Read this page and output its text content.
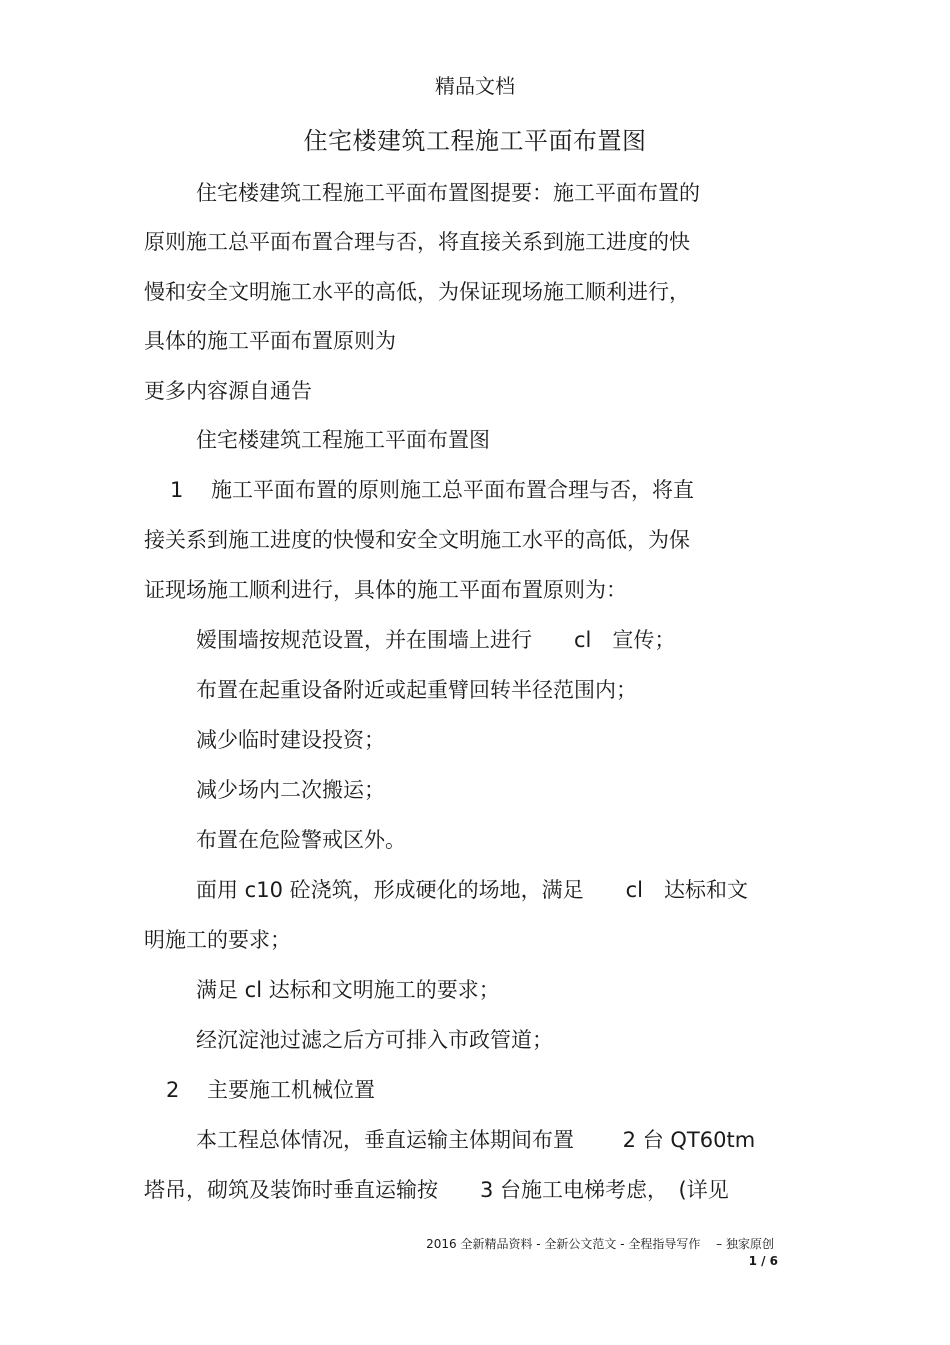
精品文档
住宅楼建筑工程施工平面布置图
住宅楼建筑工程施工平面布置图提要：施工平面布置的
原则施工总平面布置合理与否，将直接关系到施工进度的快
慢和安全文明施工水平的高低，为保证现场施工顺利进行，
具体的施工平面布置原则为
更多内容源自通告
住宅楼建筑工程施工平面布置图
1　 施工平面布置的原则施工总平面布置合理与否，将直
接关系到施工进度的快慢和安全文明施工水平的高低，为保
证现场施工顺利进行，具体的施工平面布置原则为：
嫒围墙按规范设置，并在围墙上进行　　cl　宣传；
布置在起重设备附近或起重臂回转半径范围内；
减少临时建设投资；
减少场内二次搬运；
布置在危险警戒区外。
面用 c10 砼浇筑，形成硬化的场地，满足　　cl　达标和文
明施工的要求；
满足 cl 达标和文明施工的要求；
经沉淀池过滤之后方可排入市政管道；
2　 主要施工机械位置
本工程总体情况，垂直运输主体期间布置　　 2 台 QT60tm
塔吊，砌筑及装饰时垂直运输按　　3 台施工电梯考虑，　(详见
2016 全新精品资料 - 全新公文范文 - 全程指导写作　 – 独家原创
1 / 6
